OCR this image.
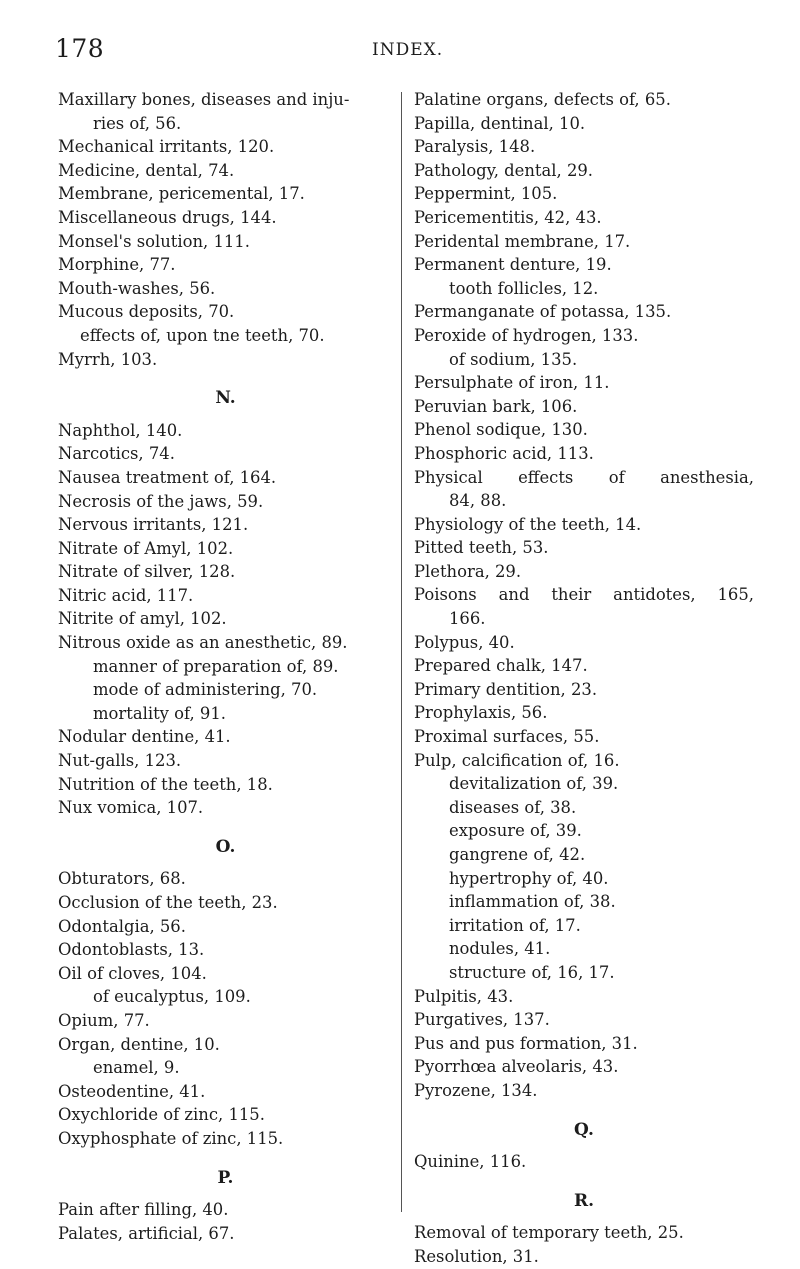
178	INDEX.
Maxillary bones, diseases and inju-
ries of, 56.
Mechanical irritants, 120.
Medicine, dental, 74.
Membrane, pericemental, 17.
Miscellaneous drugs, 144.
Monsel's solution, 111.
Morphine, 77.
Mouth-washes, 56.
Mucous deposits, 70.
effects of, upon tne teeth, 70.
Myrrh, 103.
N.
Naphthol, 140.
Narcotics, 74.
Nausea treatment of, 164.
Necrosis of the jaws, 59.
Nervous irritants, 121.
Nitrate of Amyl, 102.
Nitrate of silver, 128.
Nitric acid, 117.
Nitrite of amyl, 102.
Nitrous oxide as an anesthetic, 89.
manner of preparation of, 89.
mode of administering, 70.
mortality of, 91.
Nodular dentine, 41.
Nut-galls, 123.
Nutrition of the teeth, 18.
Nux vomica, 107.
O.
Obturators, 68.
Occlusion of the teeth, 23.
Odontalgia, 56.
Odontoblasts, 13.
Oil of cloves, 104.
of eucalyptus, 109.
Opium, 77.
Organ, dentine, 10.
enamel, 9.
Osteodentine, 41.
Oxychloride of zinc, 115.
Oxyphosphate of zinc, 115.
P.
Pain after filling, 40.
Palates, artificial, 67.
Palatine organs, defects of, 65.
Papilla, dentinal, 10.
Paralysis, 148.
Pathology, dental, 29.
Peppermint, 105.
Pericementitis, 42, 43.
Peridental membrane, 17.
Permanent denture, 19.
tooth follicles, 12.
Permanganate of potassa, 135.
Peroxide of hydrogen, 133.
of sodium, 135.
Persulphate of iron, 11.
Peruvian bark, 106.
Phenol sodique, 130.
Phosphoric acid, 113.
Physical effects of anesthesia,
84, 88.
Physiology of the teeth, 14.
Pitted teeth, 53.
Plethora, 29.
Poisons and their antidotes, 165,
166.
Polypus, 40.
Prepared chalk, 147.
Primary dentition, 23.
Prophylaxis, 56.
Proximal surfaces, 55.
Pulp, calcification of, 16.
devitalization of, 39.
diseases of, 38.
exposure of, 39.
gangrene of, 42.
hypertrophy of, 40.
inflammation of, 38.
irritation of, 17.
nodules, 41.
structure of, 16, 17.
Pulpitis, 43.
Purgatives, 137.
Pus and pus formation, 31.
Pyorrhœa alveolaris, 43.
Pyrozene, 134.
Q.
Quinine, 116.
R.
Removal of temporary teeth, 25.
Resolution, 31.
